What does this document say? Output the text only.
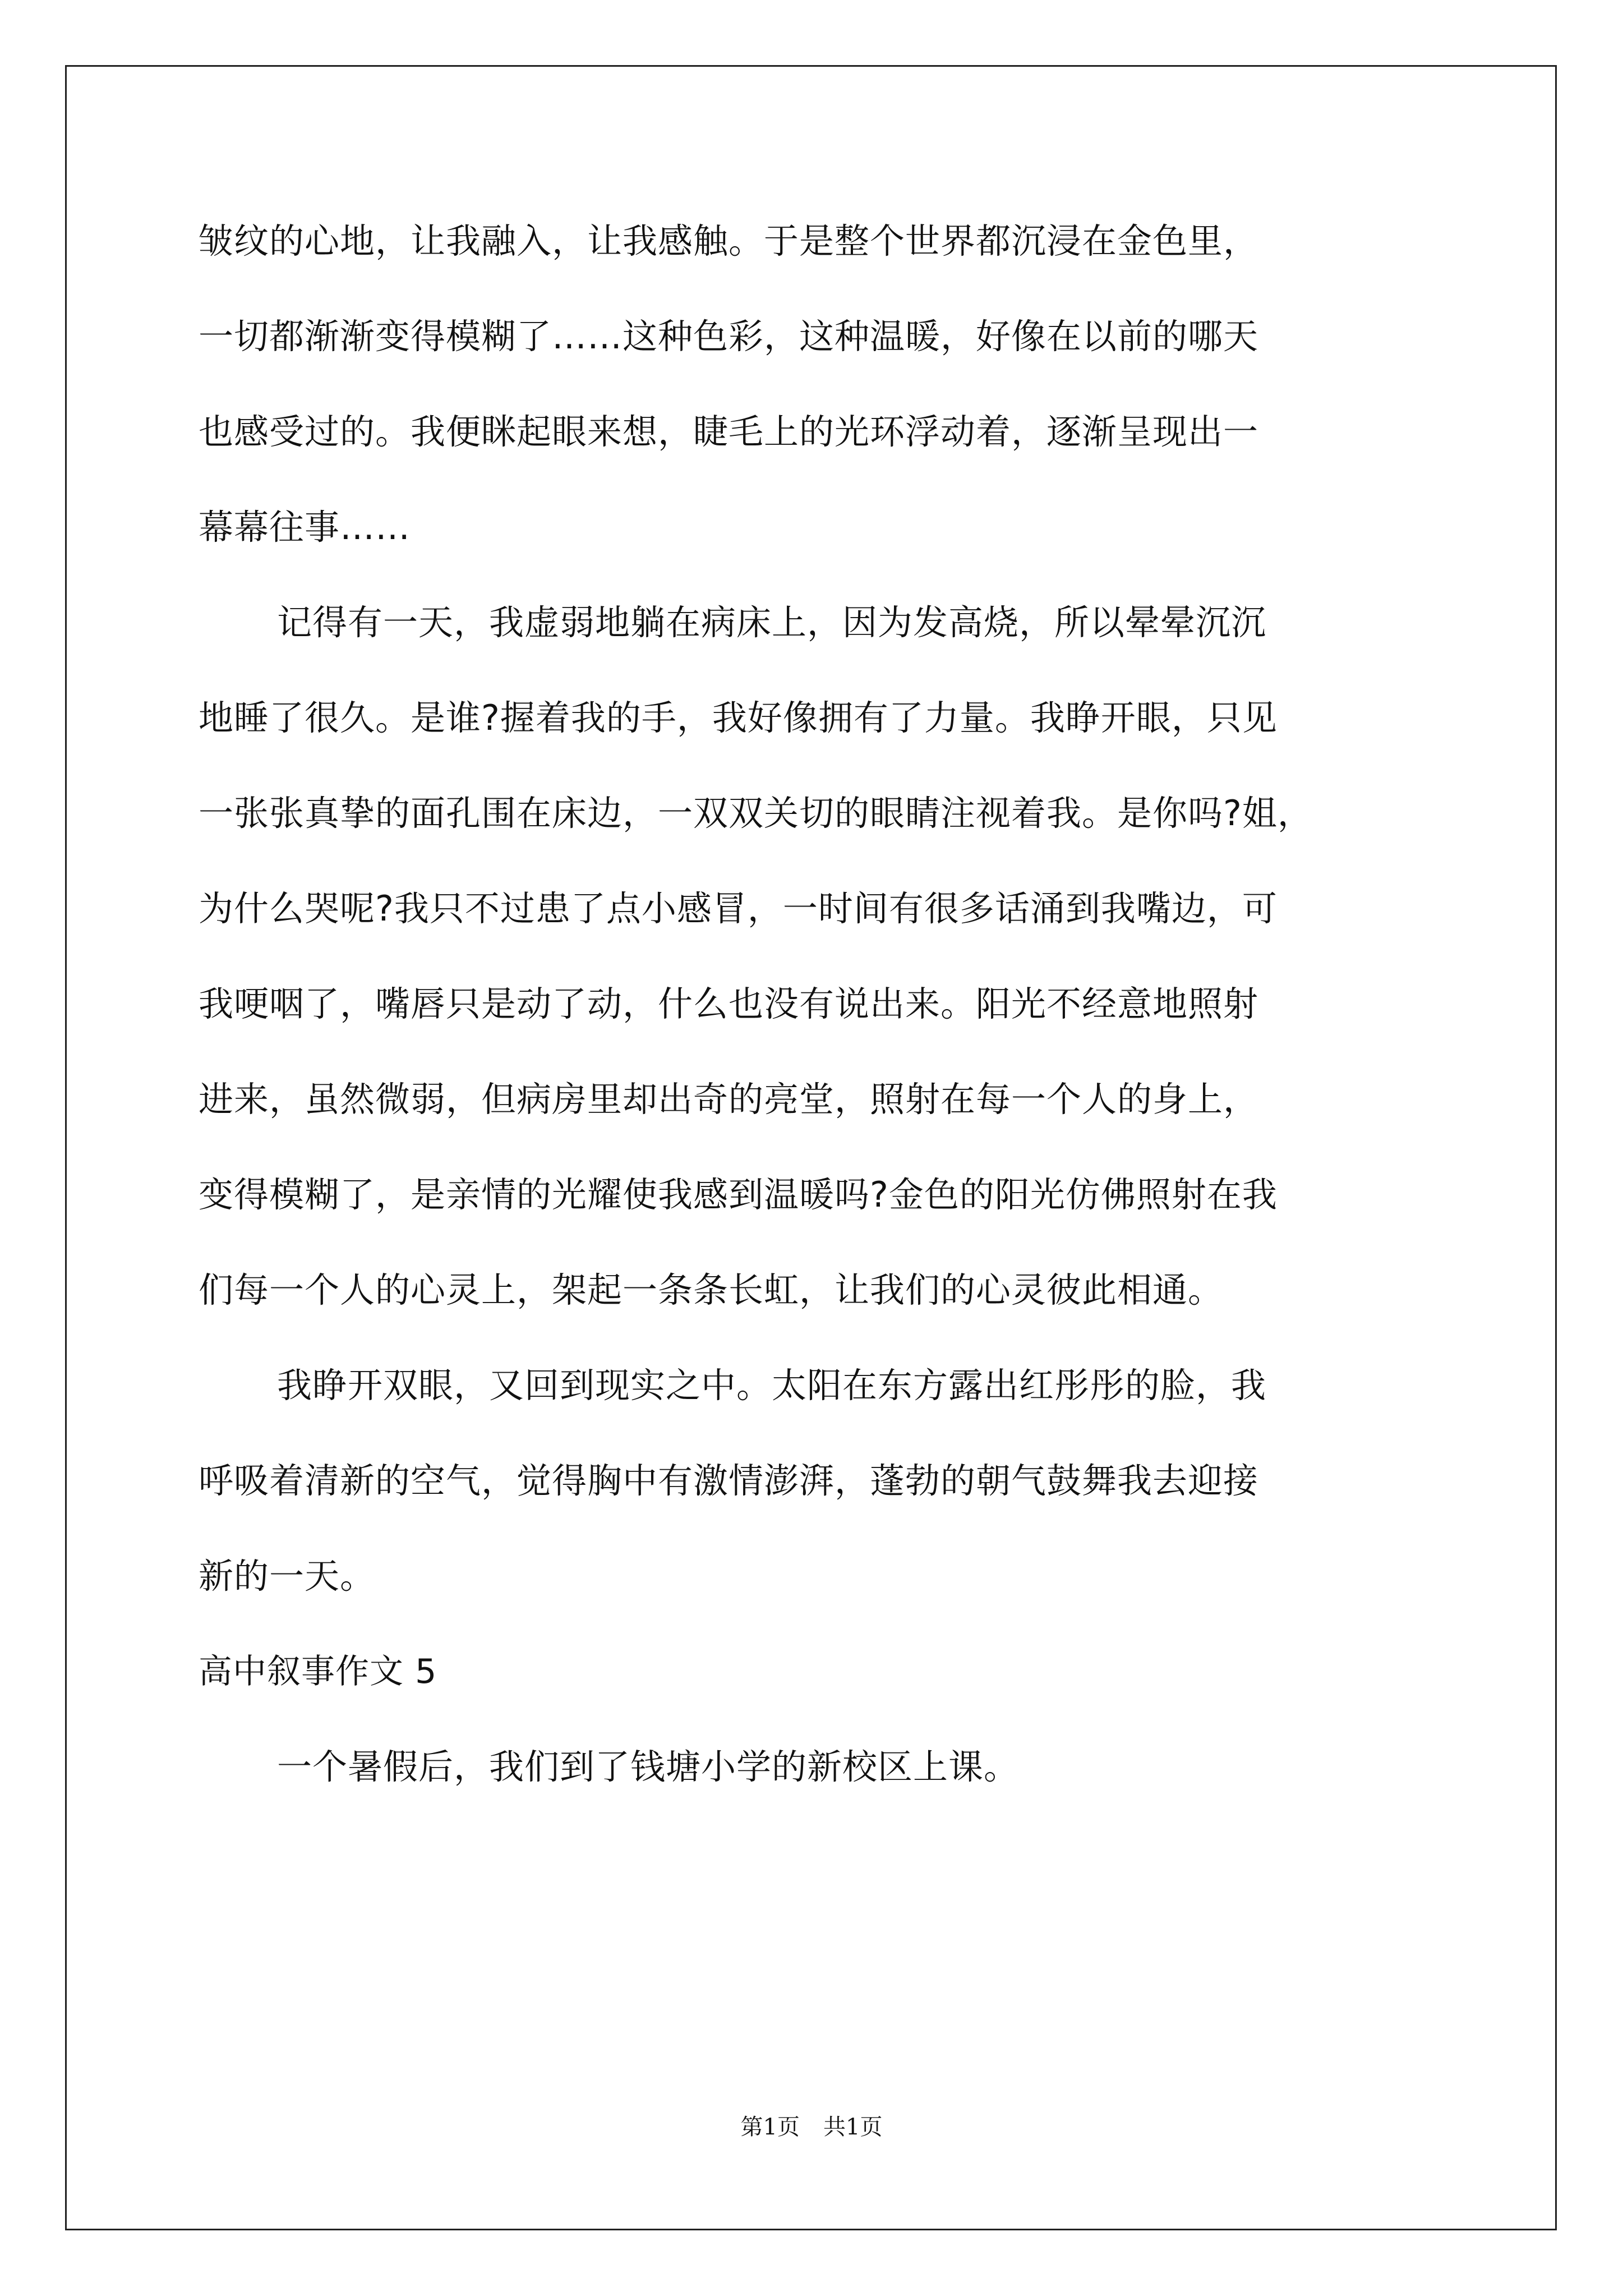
皱纹的心地，让我融入，让我感触。于是整个世界都沉浸在金色里，
一切都渐渐变得模糊了……这种色彩，这种温暖，好像在以前的哪天
也感受过的。我便眯起眼来想，睫毛上的光环浮动着，逐渐呈现出一
幕幕往事……
记得有一天，我虚弱地躺在病床上，因为发高烧，所以晕晕沉沉
地睡了很久。是谁?握着我的手，我好像拥有了力量。我睁开眼，只见
一张张真挚的面孔围在床边，一双双关切的眼睛注视着我。是你吗?姐，
为什么哭呢?我只不过患了点小感冒，一时间有很多话涌到我嘴边，可
我哽咽了，嘴唇只是动了动，什么也没有说出来。阳光不经意地照射
进来，虽然微弱，但病房里却出奇的亮堂，照射在每一个人的身上，
变得模糊了，是亲情的光耀使我感到温暖吗?金色的阳光仿佛照射在我
们每一个人的心灵上，架起一条条长虹，让我们的心灵彼此相通。
我睁开双眼，又回到现实之中。太阳在东方露出红彤彤的脸，我
呼吸着清新的空气，觉得胸中有激情澎湃，蓬勃的朝气鼓舞我去迎接
新的一天。
高中叙事作文 5
一个暑假后，我们到了钱塘小学的新校区上课。
第1页 共1页
